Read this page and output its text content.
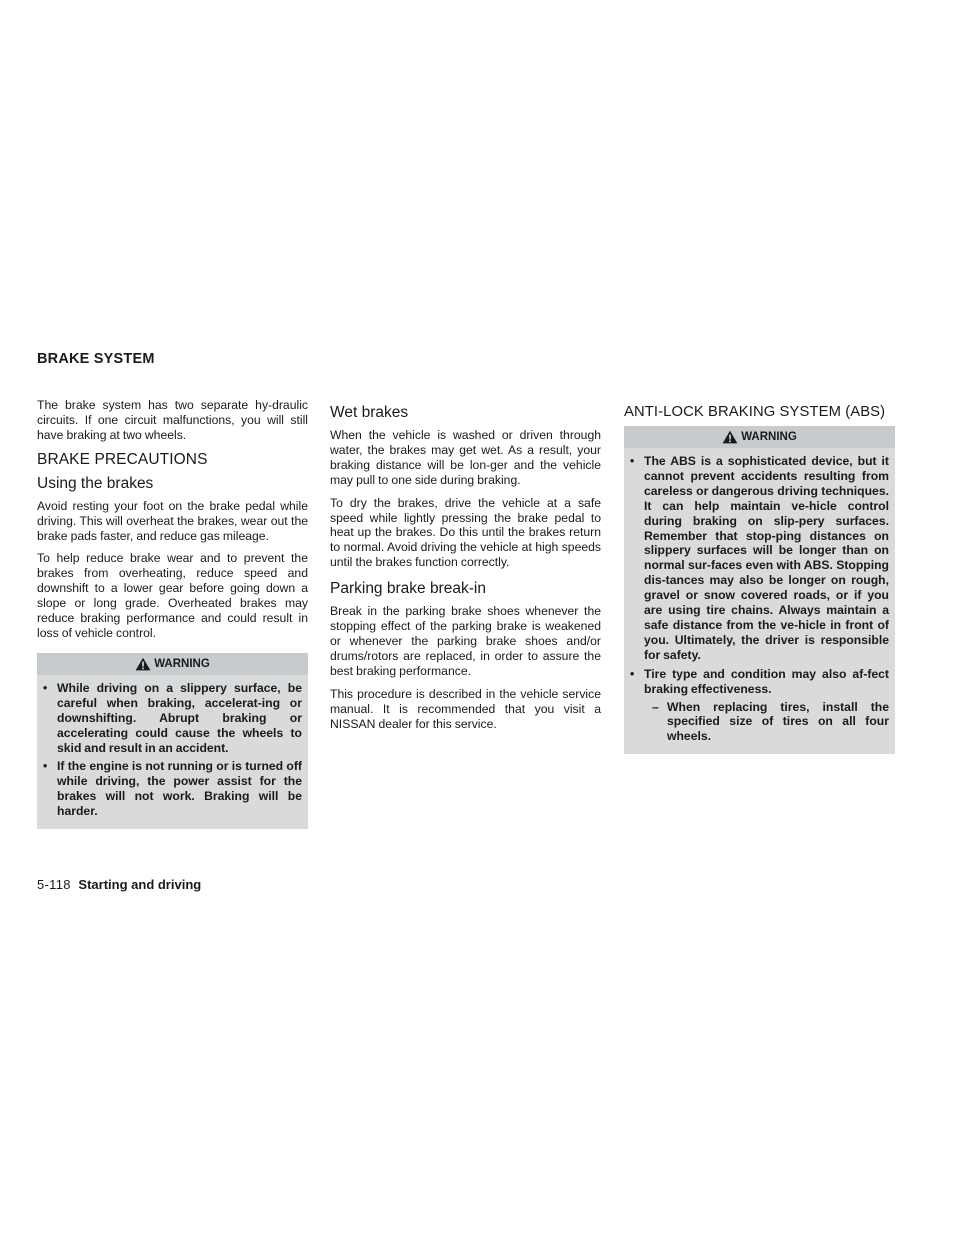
BRAKE SYSTEM

The brake system has two separate hy-draulic circuits. If one circuit malfunctions, you will still have braking at two wheels.

BRAKE PRECAUTIONS
Using the brakes

Avoid resting your foot on the brake pedal while driving. This will overheat the brakes, wear out the brake pads faster, and reduce gas mileage.

To help reduce brake wear and to prevent the brakes from overheating, reduce speed and downshift to a lower gear before going down a slope or long grade. Overheated brakes may reduce braking performance and could result in loss of vehicle control.

WARNING
• While driving on a slippery surface, be careful when braking, accelerat-ing or downshifting. Abrupt braking or accelerating could cause the wheels to skid and result in an accident.
• If the engine is not running or is turned off while driving, the power assist for the brakes will not work. Braking will be harder.
Wet brakes

When the vehicle is washed or driven through water, the brakes may get wet. As a result, your braking distance will be lon-ger and the vehicle may pull to one side during braking.

To dry the brakes, drive the vehicle at a safe speed while lightly pressing the brake pedal to heat up the brakes. Do this until the brakes return to normal. Avoid driving the vehicle at high speeds until the brakes function correctly.

Parking brake break-in

Break in the parking brake shoes whenever the stopping effect of the parking brake is weakened or whenever the parking brake shoes and/or drums/rotors are replaced, in order to assure the best braking performance.

This procedure is described in the vehicle service manual. It is recommended that you visit a NISSAN dealer for this service.

ANTI-LOCK BRAKING SYSTEM (ABS)
WARNING
• The ABS is a sophisticated device, but it cannot prevent accidents resulting from careless or dangerous driving techniques. It can help maintain ve-hicle control during braking on slip-pery surfaces. Remember that stop-ping distances on slippery surfaces will be longer than on normal sur-faces even with ABS. Stopping dis-tances may also be longer on rough, gravel or snow covered roads, or if you are using tire chains. Always maintain a safe distance from the ve-hicle in front of you. Ultimately, the driver is responsible for safety.
• Tire type and condition may also af-fect braking effectiveness.
– When replacing tires, install the specified size of tires on all four wheels.
5-118 Starting and driving
